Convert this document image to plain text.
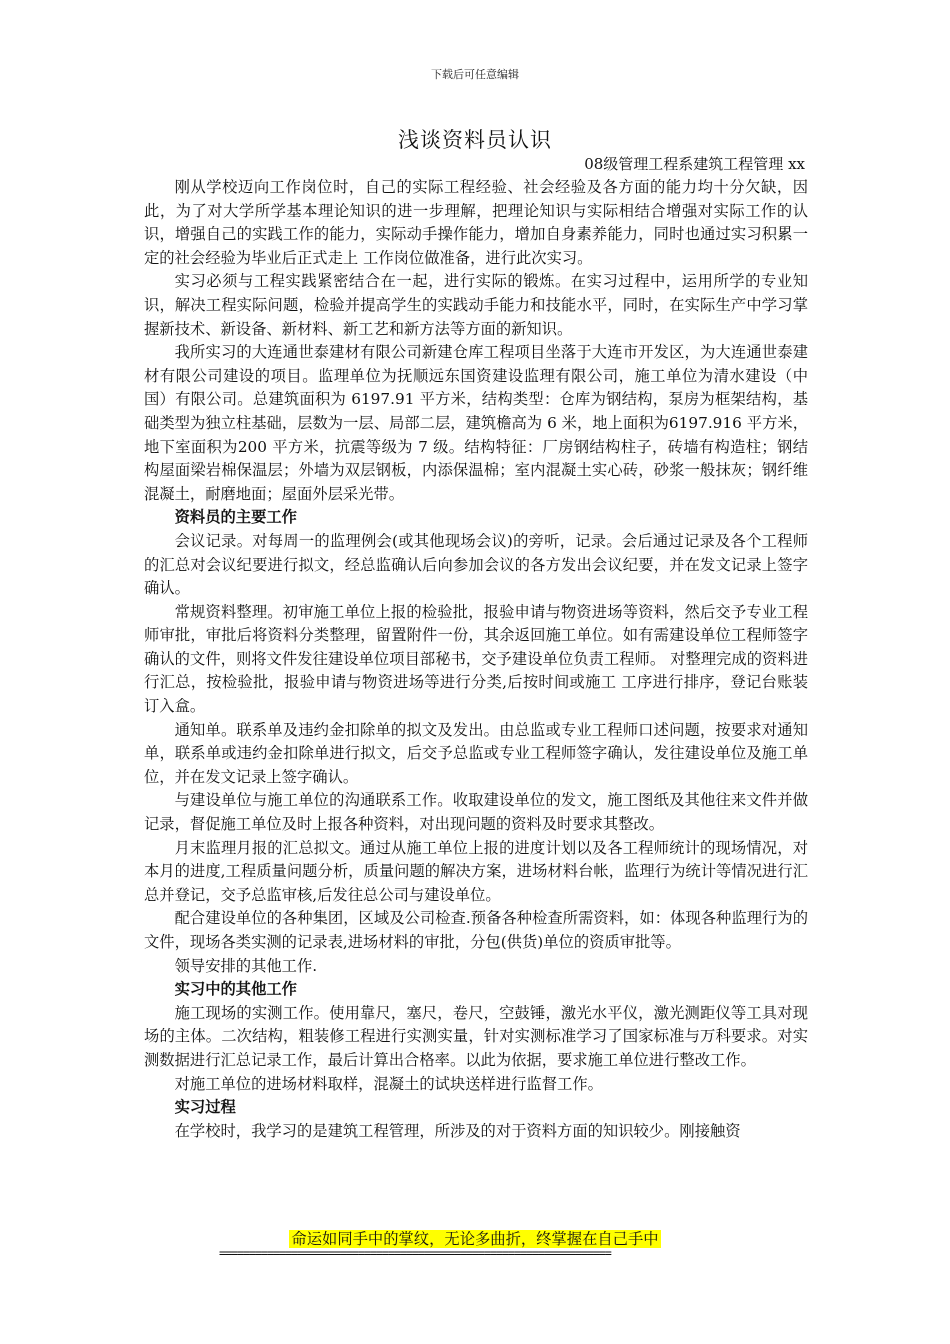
下载后可任意编辑
浅谈资料员认识
08级管理工程系建筑工程管理 xx

刚从学校迈向工作岗位时，自己的实际工程经验、社会经验及各方面的能力均十分欠缺，因此，为了对大学所学基本理论知识的进一步理解，把理论知识与实际相结合增强对实际工作的认识，增强自己的实践工作的能力，实际动手操作能力，增加自身素养能力，同时也通过实习积累一定的社会经验为毕业后正式走上 工作岗位做准备，进行此次实习。

实习必须与工程实践紧密结合在一起，进行实际的锻炼。在实习过程中，运用所学的专业知识，解决工程实际问题，检验并提高学生的实践动手能力和技能水平，同时，在实际生产中学习掌握新技术、新设备、新材料、新工艺和新方法等方面的新知识。

我所实习的大连通世泰建材有限公司新建仓库工程项目坐落于大连市开发区，为大连通世泰建材有限公司建设的项目。监理单位为抚顺远东国资建设监理有限公司，施工单位为清水建设（中国）有限公司。总建筑面积为 6197.91 平方米，结构类型：仓库为钢结构，泵房为框架结构，基础类型为独立柱基础，层数为一层、局部二层，建筑檐高为 6 米，地上面积为6197.916 平方米，地下室面积为200 平方米，抗震等级为 7 级。结构特征：厂房钢结构柱子，砖墙有构造柱；钢结构屋面梁岩棉保温层；外墙为双层钢板，内添保温棉；室内混凝土实心砖，砂浆一般抹灰；钢纤维混凝土，耐磨地面；屋面外层采光带。

资料员的主要工作

会议记录。对每周一的监理例会(或其他现场会议)的旁听，记录。会后通过记录及各个工程师的汇总对会议纪要进行拟文，经总监确认后向参加会议的各方发出会议纪要，并在发文记录上签字确认。

常规资料整理。初审施工单位上报的检验批，报验申请与物资进场等资料，然后交予专业工程师审批，审批后将资料分类整理，留置附件一份，其余返回施工单位。如有需建设单位工程师签字确认的文件，则将文件发往建设单位项目部秘书，交予建设单位负责工程师。 对整理完成的资料进行汇总，按检验批，报验申请与物资进场等进行分类,后按时间或施工 工序进行排序，登记台账装订入盒。

通知单。联系单及违约金扣除单的拟文及发出。由总监或专业工程师口述问题，按要求对通知单，联系单或违约金扣除单进行拟文，后交予总监或专业工程师签字确认，发往建设单位及施工单位，并在发文记录上签字确认。

与建设单位与施工单位的沟通联系工作。收取建设单位的发文，施工图纸及其他往来文件并做记录，督促施工单位及时上报各种资料，对出现问题的资料及时要求其整改。

月末监理月报的汇总拟文。通过从施工单位上报的进度计划以及各工程师统计的现场情况，对本月的进度,工程质量问题分析，质量问题的解决方案，进场材料台帐，监理行为统计等情况进行汇总并登记，交予总监审核,后发往总公司与建设单位。

配合建设单位的各种集团，区域及公司检查.预备各种检查所需资料，如：体现各种监理行为的文件，现场各类实测的记录表,进场材料的审批，分包(供货)单位的资质审批等。

领导安排的其他工作.

实习中的其他工作

施工现场的实测工作。使用靠尺，塞尺，卷尺，空鼓锤，激光水平仪，激光测距仪等工具对现场的主体。二次结构，粗装修工程进行实测实量，针对实测标准学习了国家标准与万科要求。对实测数据进行汇总记录工作，最后计算出合格率。以此为依据，要求施工单位进行整改工作。

对施工单位的进场材料取样，混凝土的试块送样进行监督工作。

实习过程

在学校时，我学习的是建筑工程管理，所涉及的对于资料方面的知识较少。刚接触资

命运如同手中的掌纹，无论多曲折，终掌握在自己手中
=================================================================
